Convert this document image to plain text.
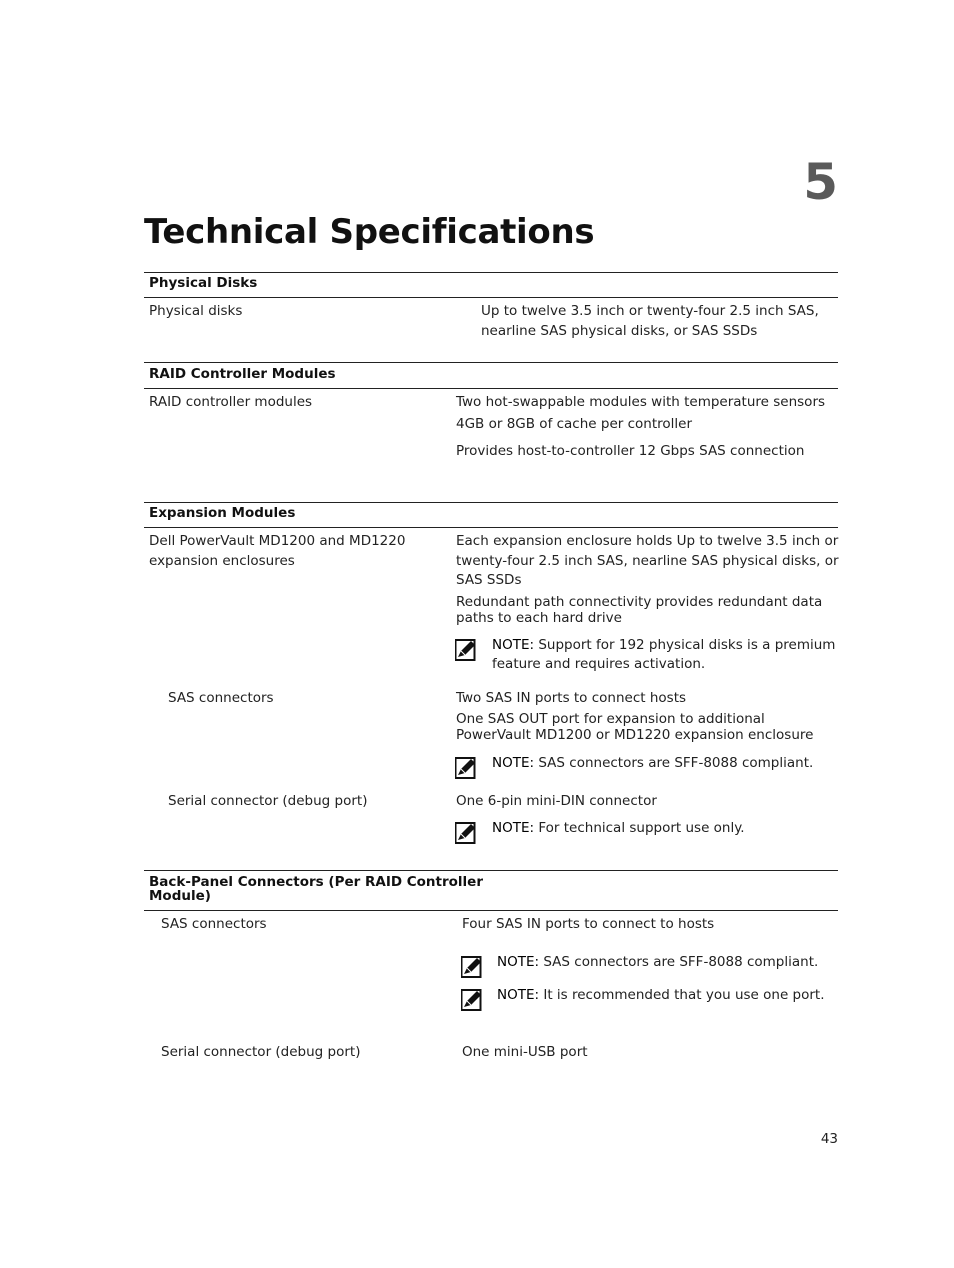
5
Technical Specifications
Physical Disks
Physical disks	Up to twelve 3.5 inch or twenty-four 2.5 inch SAS,
nearline SAS physical disks, or SAS SSDs
RAID Controller Modules
RAID controller modules	Two hot-swappable modules with temperature sensors
4GB or 8GB of cache per controller
Provides host-to-controller 12 Gbps SAS connection
Expansion Modules
Dell PowerVault MD1200 and MD1220
expansion enclosures
Each expansion enclosure holds Up to twelve 3.5 inch or
twenty-four 2.5 inch SAS, nearline SAS physical disks, or
SAS SSDs
Redundant path connectivity provides redundant data
paths to each hard drive
NOTE: Support for 192 physical disks is a premium
feature and requires activation.
SAS connectors	Two SAS IN ports to connect hosts
One SAS OUT port for expansion to additional
PowerVault MD1200 or MD1220 expansion enclosure
NOTE: SAS connectors are SFF-8088 compliant.
Serial connector (debug port)	One 6-pin mini-DIN connector
NOTE: For technical support use only.
Back-Panel Connectors (Per RAID Controller
Module)
SAS connectors	Four SAS IN ports to connect to hosts
NOTE: SAS connectors are SFF-8088 compliant.
NOTE: It is recommended that you use one port.
Serial connector (debug port)	One mini-USB port
43
